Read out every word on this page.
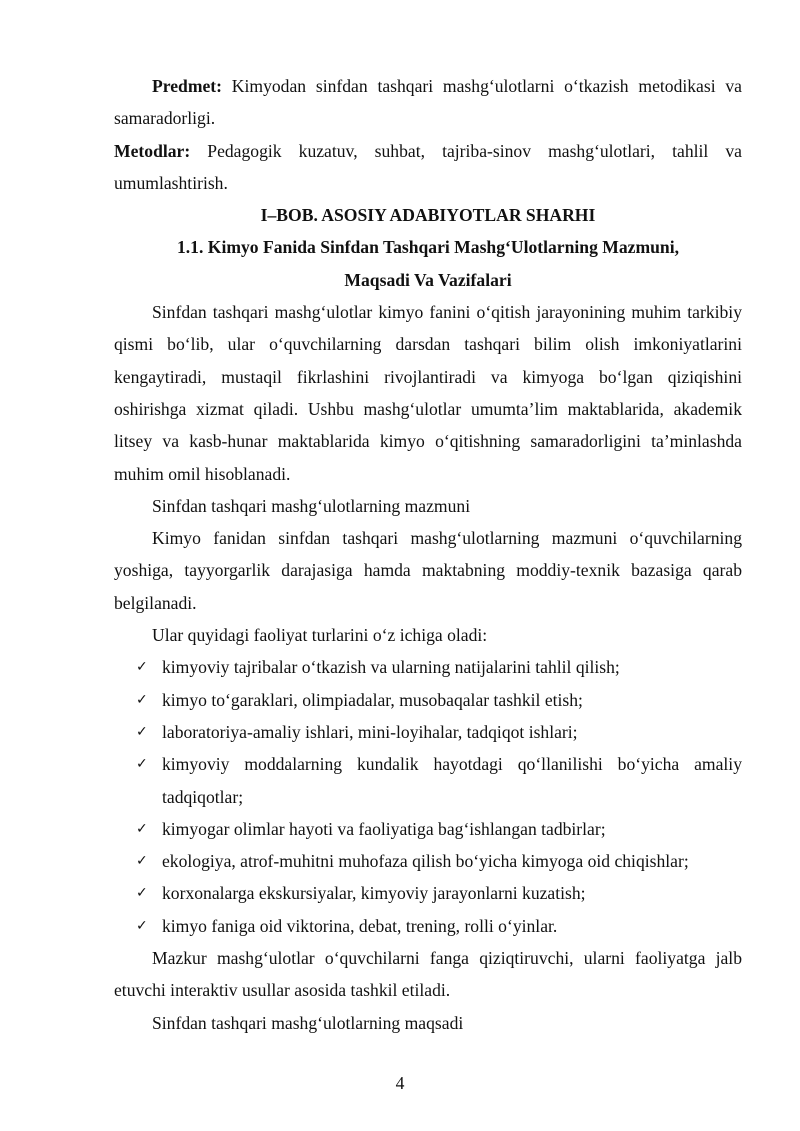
Predmet: Kimyodan sinfdan tashqari mashg‘ulotlarni o‘tkazish metodikasi va samaradorligi.

Metodlar: Pedagogik kuzatuv, suhbat, tajriba-sinov mashg‘ulotlari, tahlil va umumlashtirish.

I–BOB. ASOSIY ADABIYOTLAR SHARHI

1.1. Kimyo Fanida Sinfdan Tashqari Mashg‘Ulotlarning Mazmuni,

Maqsadi Va Vazifalari

Sinfdan tashqari mashg‘ulotlar kimyo fanini o‘qitish jarayonining muhim tarkibiy qismi bo‘lib, ular o‘quvchilarning darsdan tashqari bilim olish imkoniyatlarini kengaytiradi, mustaqil fikrlashini rivojlantiradi va kimyoga bo‘lgan qiziqishini oshirishga xizmat qiladi. Ushbu mashg‘ulotlar umumta’lim maktablarida, akademik litsey va kasb-hunar maktablarida kimyo o‘qitishning samaradorligini ta’minlashda muhim omil hisoblanadi.

Sinfdan tashqari mashg‘ulotlarning mazmuni

Kimyo fanidan sinfdan tashqari mashg‘ulotlarning mazmuni o‘quvchilarning yoshiga, tayyorgarlik darajasiga hamda maktabning moddiy-texnik bazasiga qarab belgilanadi.

Ular quyidagi faoliyat turlarini o‘z ichiga oladi:

✓ kimyoviy tajribalar o‘tkazish va ularning natijalarini tahlil qilish;
✓ kimyo to‘garaklari, olimpiadalar, musobaqalar tashkil etish;
✓ laboratoriya-amaliy ishlari, mini-loyihalar, tadqiqot ishlari;
✓ kimyoviy moddalarning kundalik hayotdagi qo‘llanilishi bo‘yicha amaliy tadqiqotlar;
✓ kimyogar olimlar hayoti va faoliyatiga bag‘ishlangan tadbirlar;
✓ ekologiya, atrof-muhitni muhofaza qilish bo‘yicha kimyoga oid chiqishlar;
✓ korxonalarga ekskursiyalar, kimyoviy jarayonlarni kuzatish;
✓ kimyo faniga oid viktorina, debat, trening, rolli o‘yinlar.

Mazkur mashg‘ulotlar o‘quvchilarni fanga qiziqtiruvchi, ularni faoliyatga jalb etuvchi interaktiv usullar asosida tashkil etiladi.

Sinfdan tashqari mashg‘ulotlarning maqsadi

4
